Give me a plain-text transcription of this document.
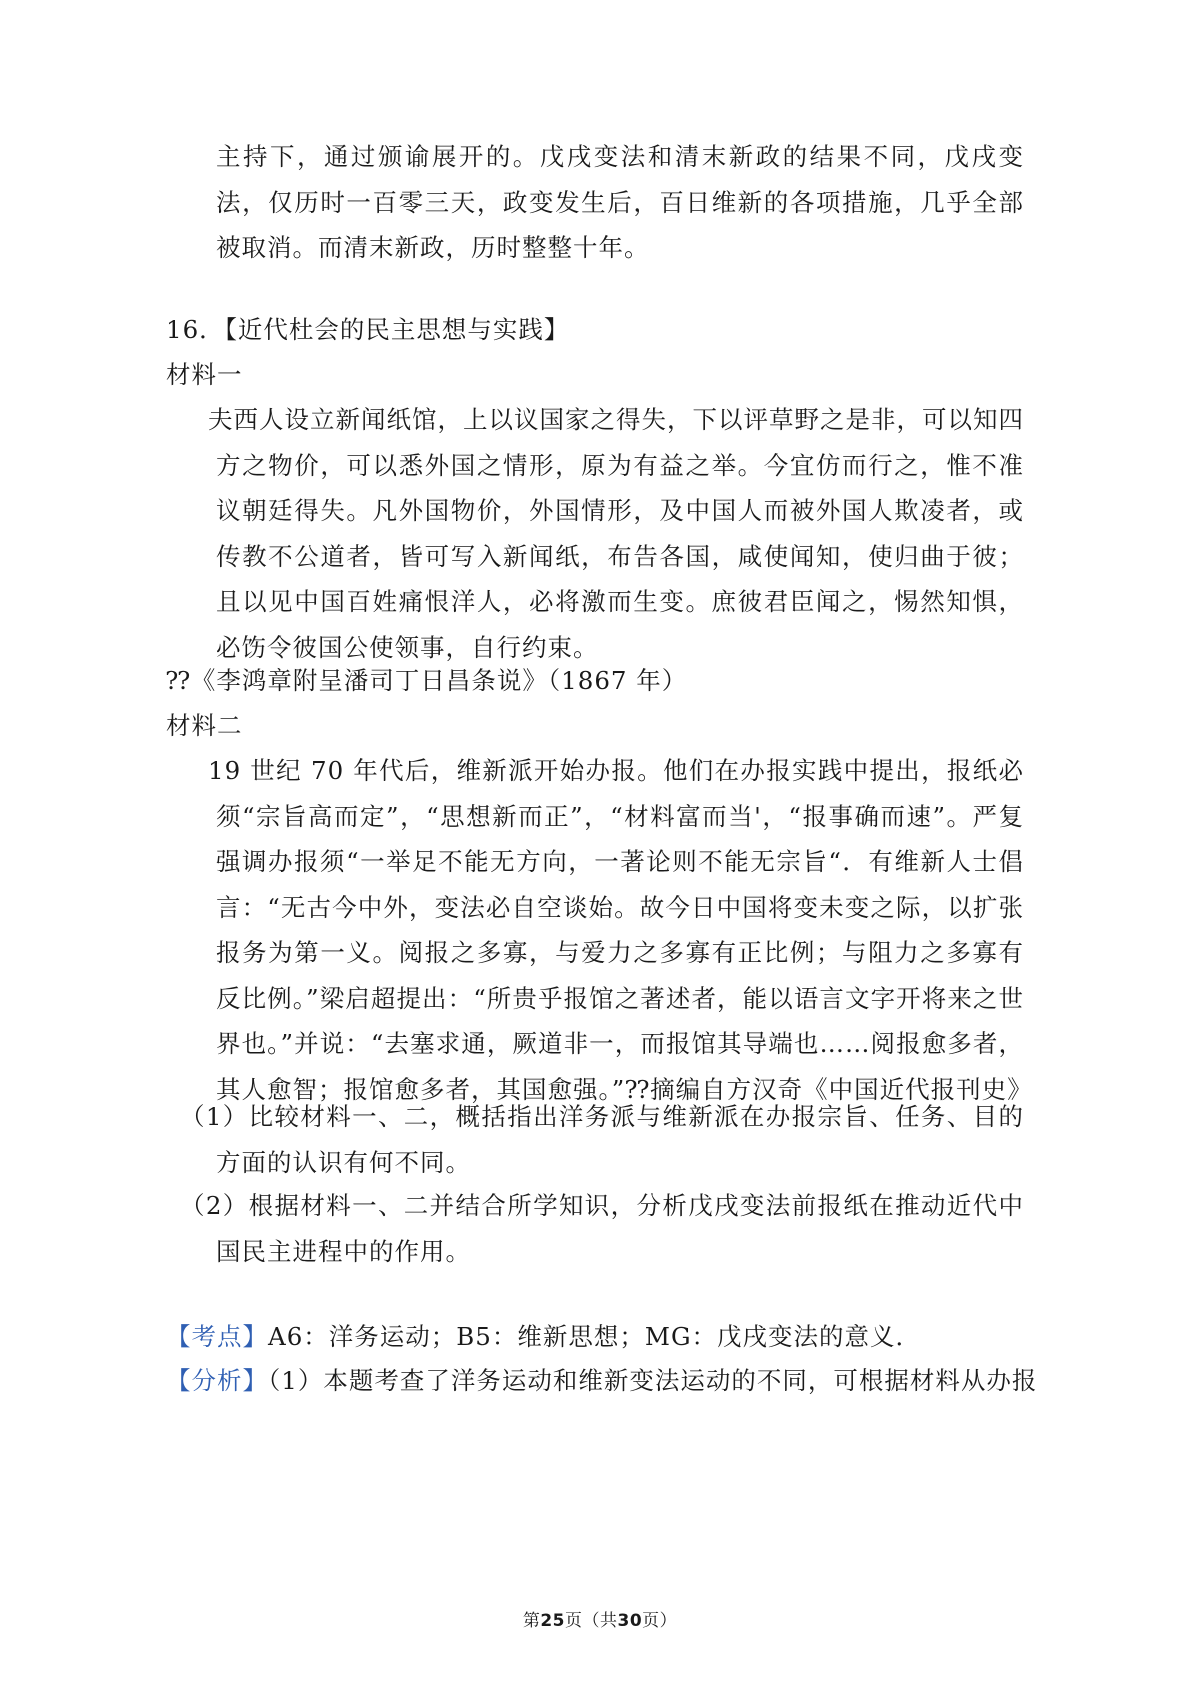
主持下，通过颁谕展开的。戊戌变法和清末新政的结果不同，戊戌变法，仅历时一百零三天，政变发生后，百日维新的各项措施，几乎全部被取消。而清末新政，历时整整十年。
16．【近代杜会的民主思想与实践】
材料一
夫西人设立新闻纸馆，上以议国家之得失，下以评草野之是非，可以知四方之物价，可以悉外国之情形，原为有益之举。今宜仿而行之，惟不准议朝廷得失。凡外国物价，外国情形，及中国人而被外国人欺凌者，或传教不公道者，皆可写入新闻纸，布告各国，咸使闻知，使归曲于彼；且以见中国百姓痛恨洋人，必将激而生变。庶彼君臣闻之，惕然知惧，必饬令彼国公使领事，自行约束。
⁇《李鸿章附呈潘司丁日昌条说》（1867 年）
材料二
19 世纪 70 年代后，维新派开始办报。他们在办报实践中提出，报纸必须“宗旨高而定”，“思想新而正”，“材料富而当'，“报事确而速”。严复强调办报须“一举足不能无方向，一著论则不能无宗旨“．有维新人士倡言：“无古今中外，变法必自空谈始。故今日中国将变未变之际，以扩张报务为第一义。阅报之多寡，与爱力之多寡有正比例；与阻力之多寡有反比例。”梁启超提出：“所贵乎报馆之著述者，能以语言文字开将来之世界也。”并说：“去塞求通，厥道非一，而报馆其导端也……阅报愈多者，其人愈智；报馆愈多者，其国愈强。”⁇摘编自方汉奇《中国近代报刊史》
（1）比较材料一、二，概括指出洋务派与维新派在办报宗旨、任务、目的方面的认识有何不同。
（2）根据材料一、二并结合所学知识，分析戊戌变法前报纸在推动近代中国民主进程中的作用。
【考点】A6：洋务运动；B5：维新思想；MG：戊戌变法的意义．
【分析】（1）本题考查了洋务运动和维新变法运动的不同，可根据材料从办报
第25页（共30页）
